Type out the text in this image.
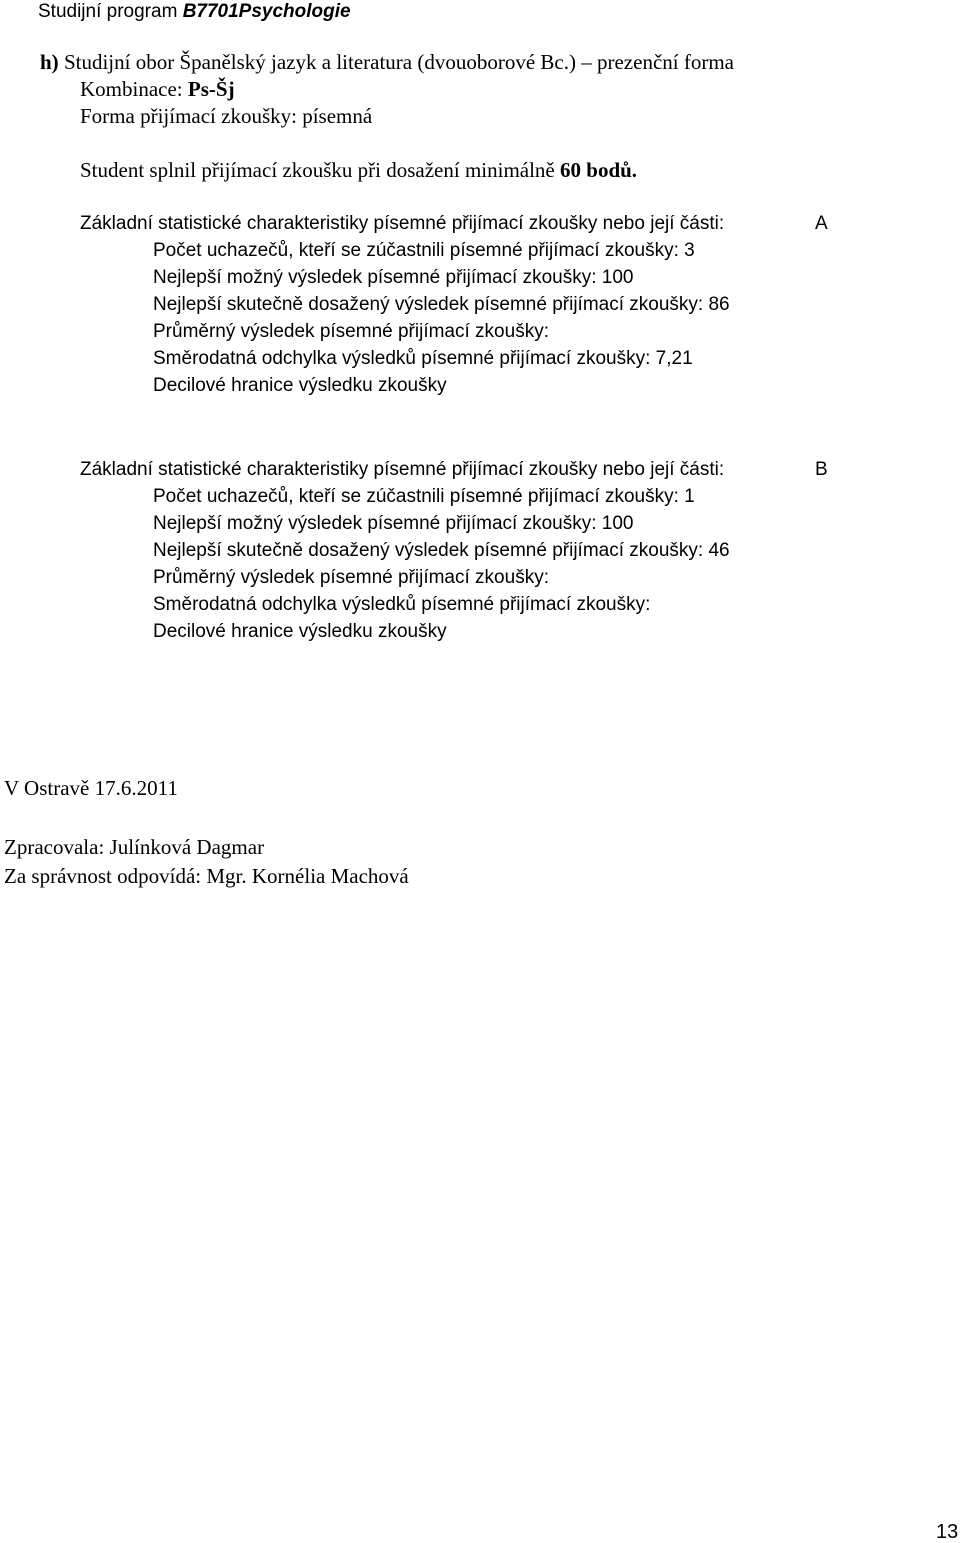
Studijní program B7701Psychologie
h) Studijní obor Španělský jazyk a literatura (dvouoborové Bc.) – prezenční forma
Kombinace: Ps-Šj
Forma přijímací zkoušky: písemná
Student splnil přijímací zkoušku při dosažení minimálně 60 bodů.
Základní statistické charakteristiky písemné přijímací zkoušky nebo její části:	A
Počet uchazečů, kteří se zúčastnili písemné přijímací zkoušky: 3
Nejlepší možný výsledek písemné přijímací zkoušky: 100
Nejlepší skutečně dosažený výsledek písemné přijímací zkoušky: 86
Průměrný výsledek písemné přijímací zkoušky:
Směrodatná odchylka výsledků písemné přijímací zkoušky: 7,21
Decilové hranice výsledku zkoušky
Základní statistické charakteristiky písemné přijímací zkoušky nebo její části:	B
Počet uchazečů, kteří se zúčastnili písemné přijímací zkoušky: 1
Nejlepší možný výsledek písemné přijímací zkoušky: 100
Nejlepší skutečně dosažený výsledek písemné přijímací zkoušky: 46
Průměrný výsledek písemné přijímací zkoušky:
Směrodatná odchylka výsledků písemné přijímací zkoušky:
Decilové hranice výsledku zkoušky
V Ostravě 17.6.2011
Zpracovala: Julínková Dagmar
Za správnost odpovídá: Mgr. Kornélia Machová
13
